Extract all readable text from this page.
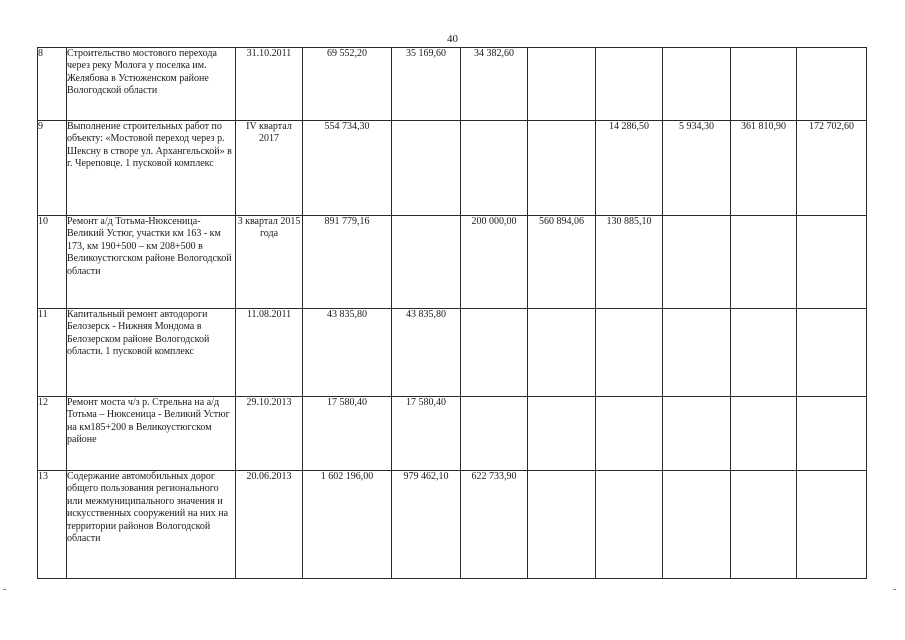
40
8	Строительство мостового перехода через реку Молога у поселка им. Желябова в Устюженском районе Вологодской области	31.10.2011	69 552,20	35 169,60	34 382,60					
9	Выполнение строительных работ по объекту: «Мостовой переход через р. Шексну в створе ул. Архангельской» в г. Череповце. 1 пусковой комплекс	IV квартал 2017	554 734,30				14 286,50	5 934,30	361 810,90	172 702,60
10	Ремонт а/д Тотьма-Нюксеница-Великий Устюг, участки км 163 - км 173, км 190+500 – км 208+500 в Великоустюгском районе Вологодской области	3 квартал 2015 года	891 779,16		200 000,00	560 894,06	130 885,10			
11	Капитальный ремонт автодороги Белозерск - Нижняя Мондома в Белозерском районе Вологодской области. 1 пусковой комплекс	11.08.2011	43 835,80	43 835,80						
12	Ремонт моста ч/з р. Стрельна на а/д Тотьма – Нюксеница - Великий Устюг на км185+200 в Великоустюгском районе	29.10.2013	17 580,40	17 580,40						
13	Содержание автомобильных дорог общего пользования регионального или межмуниципального значения и искусственных сооружений на них на территории районов Вологодской области	20.06.2013	1 602 196,00	979 462,10	622 733,90					
-	-
